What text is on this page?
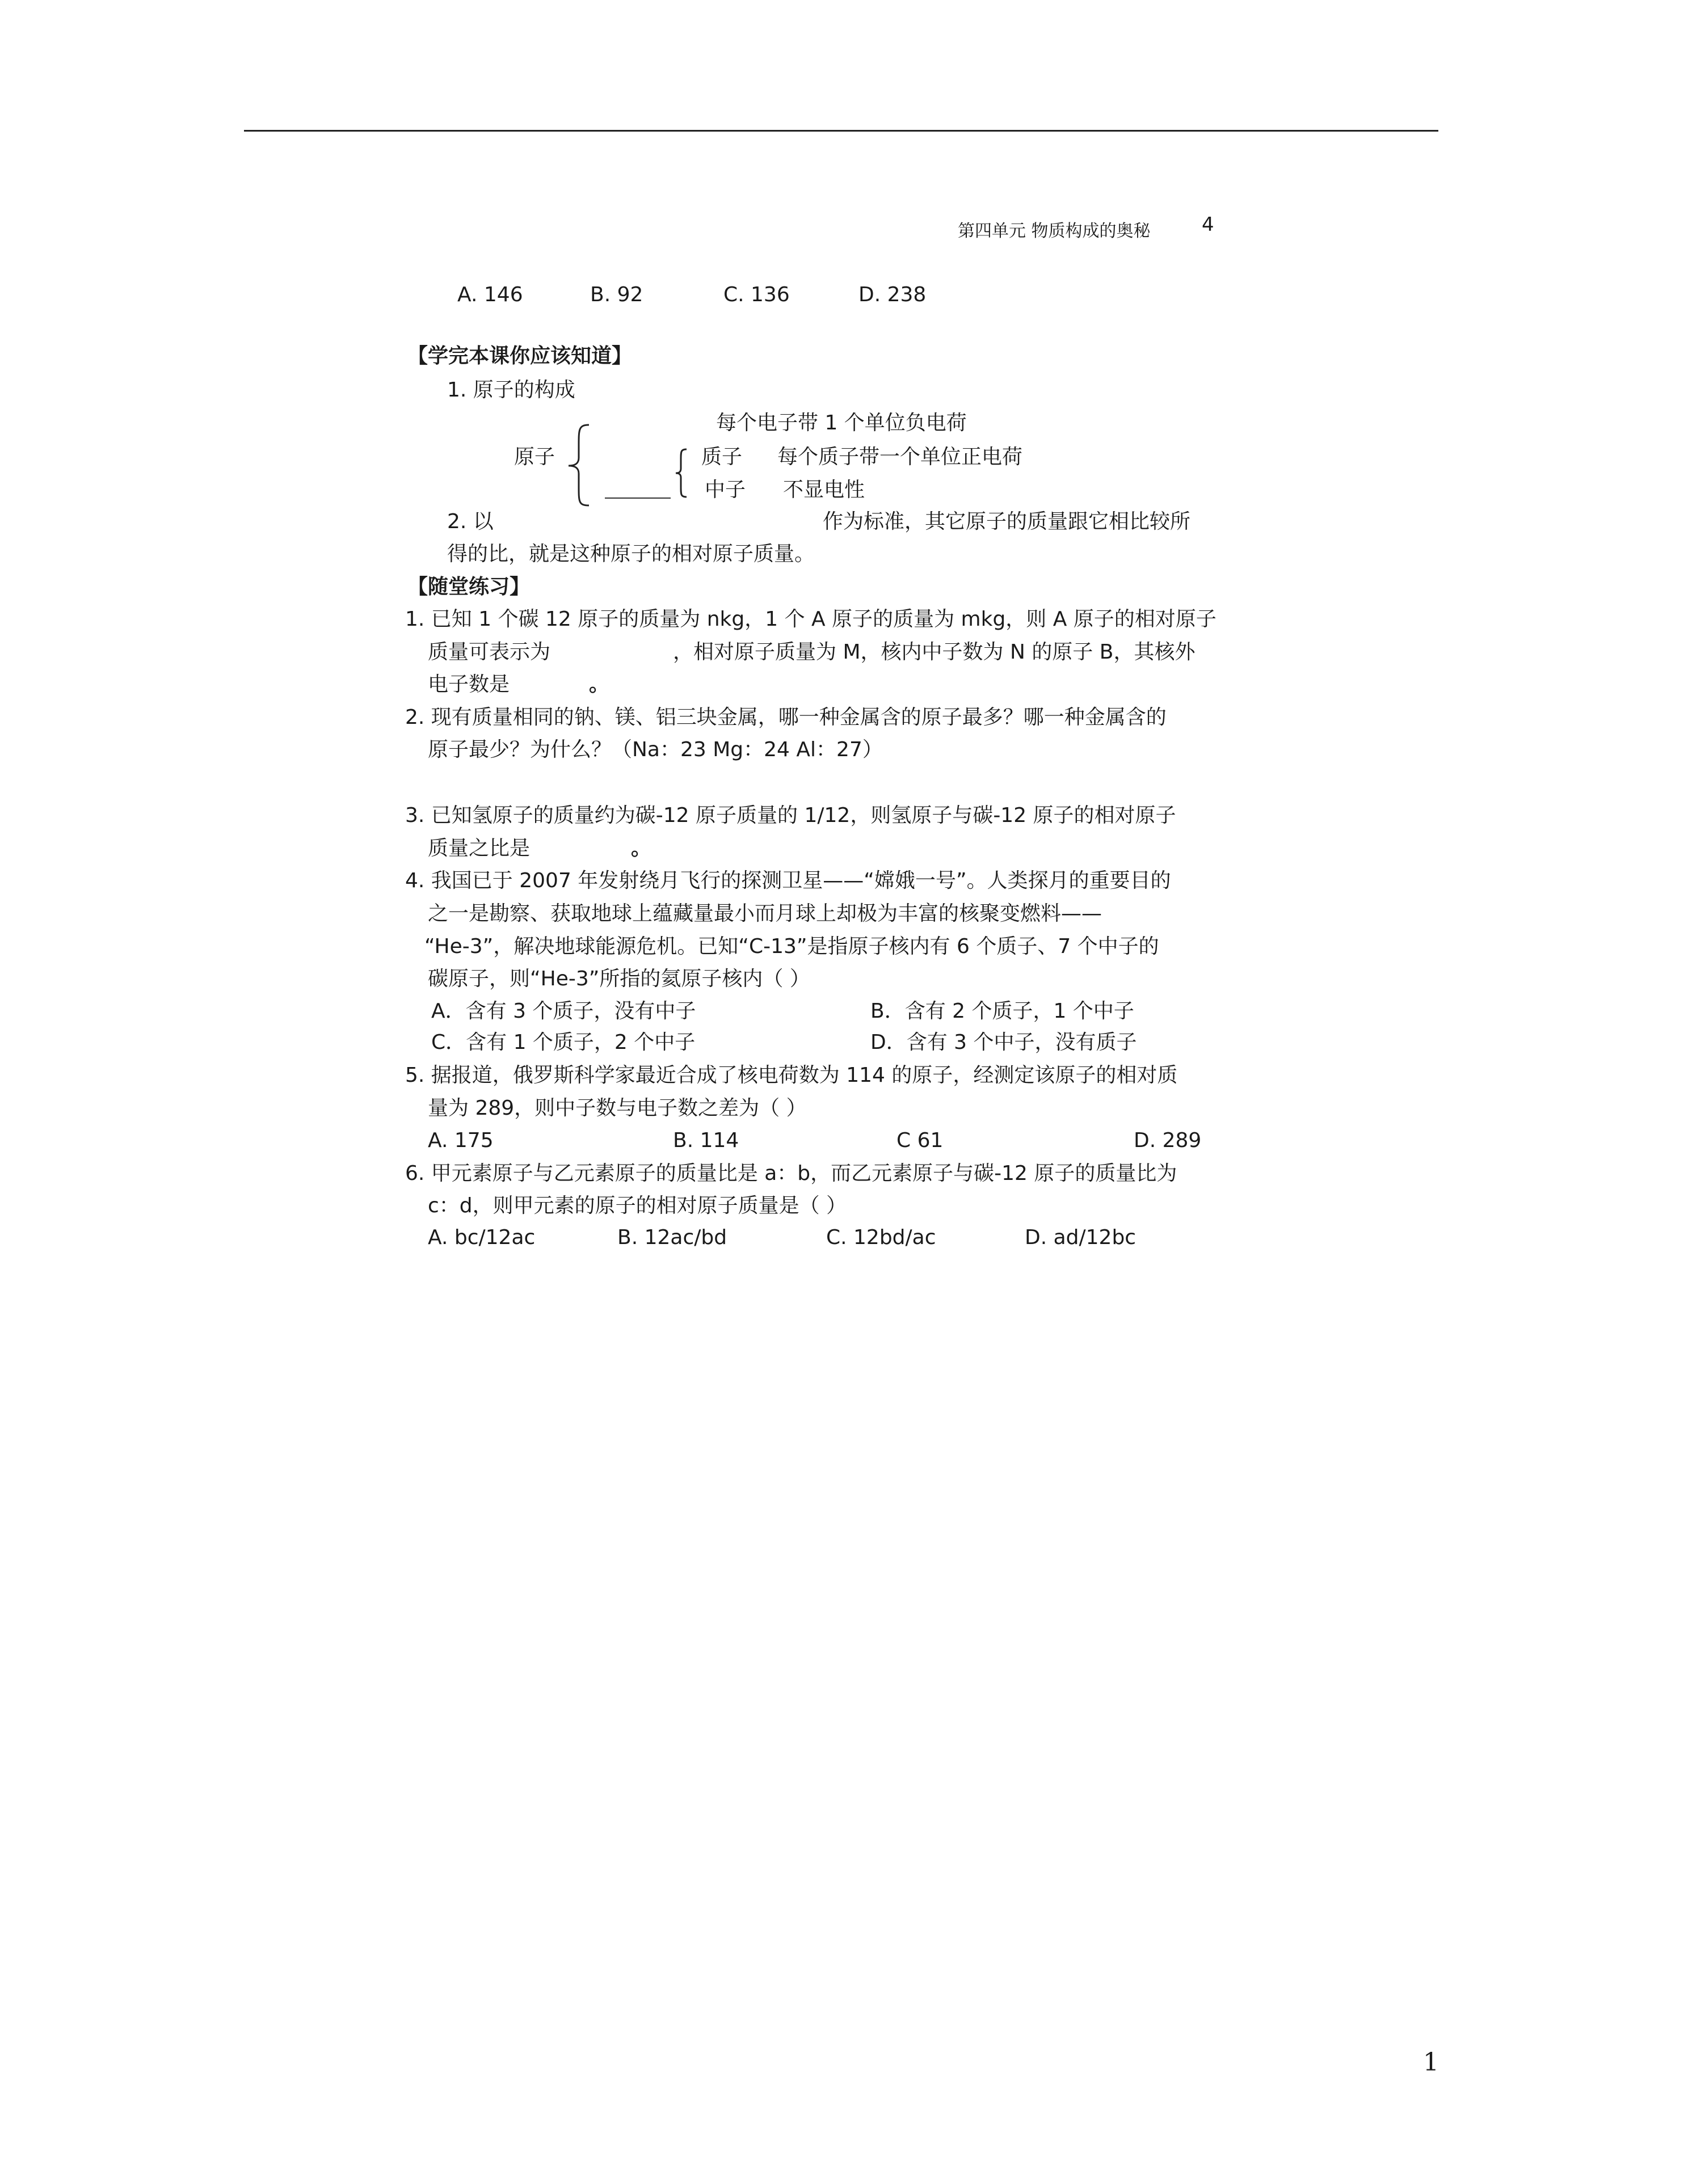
第四单元 物质构成的奥秘	4
A. 146	B. 92	C. 136	D. 238
【学完本课你应该知道】
1. 原子的构成
每个电子带 1 个单位负电荷
原子	质子 每个质子带一个单位正电荷
中子 不显电性
2. 以	作为标准，其它原子的质量跟它相比较所
得的比，就是这种原子的相对原子质量。
【随堂练习】
1. 已知 1 个碳 12 原子的质量为 nkg，1 个 A 原子的质量为 mkg，则 A 原子的相对原子
质量可表示为	，相对原子质量为 M，核内中子数为 N 的原子 B，其核外
电子数是	。
2. 现有质量相同的钠、镁、铝三块金属，哪一种金属含的原子最多？哪一种金属含的
原子最少？为什么？（Na：23 Mg：24 Al：27）
3. 已知氢原子的质量约为碳-12 原子质量的 1/12，则氢原子与碳-12 原子的相对原子
质量之比是	。
4. 我国已于 2007 年发射绕月飞行的探测卫星——“嫦娥一号”。人类探月的重要目的
之一是勘察、获取地球上蕴藏量最小而月球上却极为丰富的核聚变燃料——
“He-3”，解决地球能源危机。已知“C-13”是指原子核内有 6 个质子、7 个中子的
碳原子，则“He-3”所指的氦原子核内（ ）
A．含有 3 个质子，没有中子	B．含有 2 个质子，1 个中子
C．含有 1 个质子，2 个中子	D．含有 3 个中子，没有质子
5. 据报道，俄罗斯科学家最近合成了核电荷数为 114 的原子，经测定该原子的相对质
量为 289，则中子数与电子数之差为（ ）
A. 175	B. 114	C 61	D. 289
6. 甲元素原子与乙元素原子的质量比是 a：b，而乙元素原子与碳-12 原子的质量比为
c：d，则甲元素的原子的相对原子质量是（ ）
A. bc/12ac	B. 12ac/bd	C. 12bd/ac	D. ad/12bc
1
